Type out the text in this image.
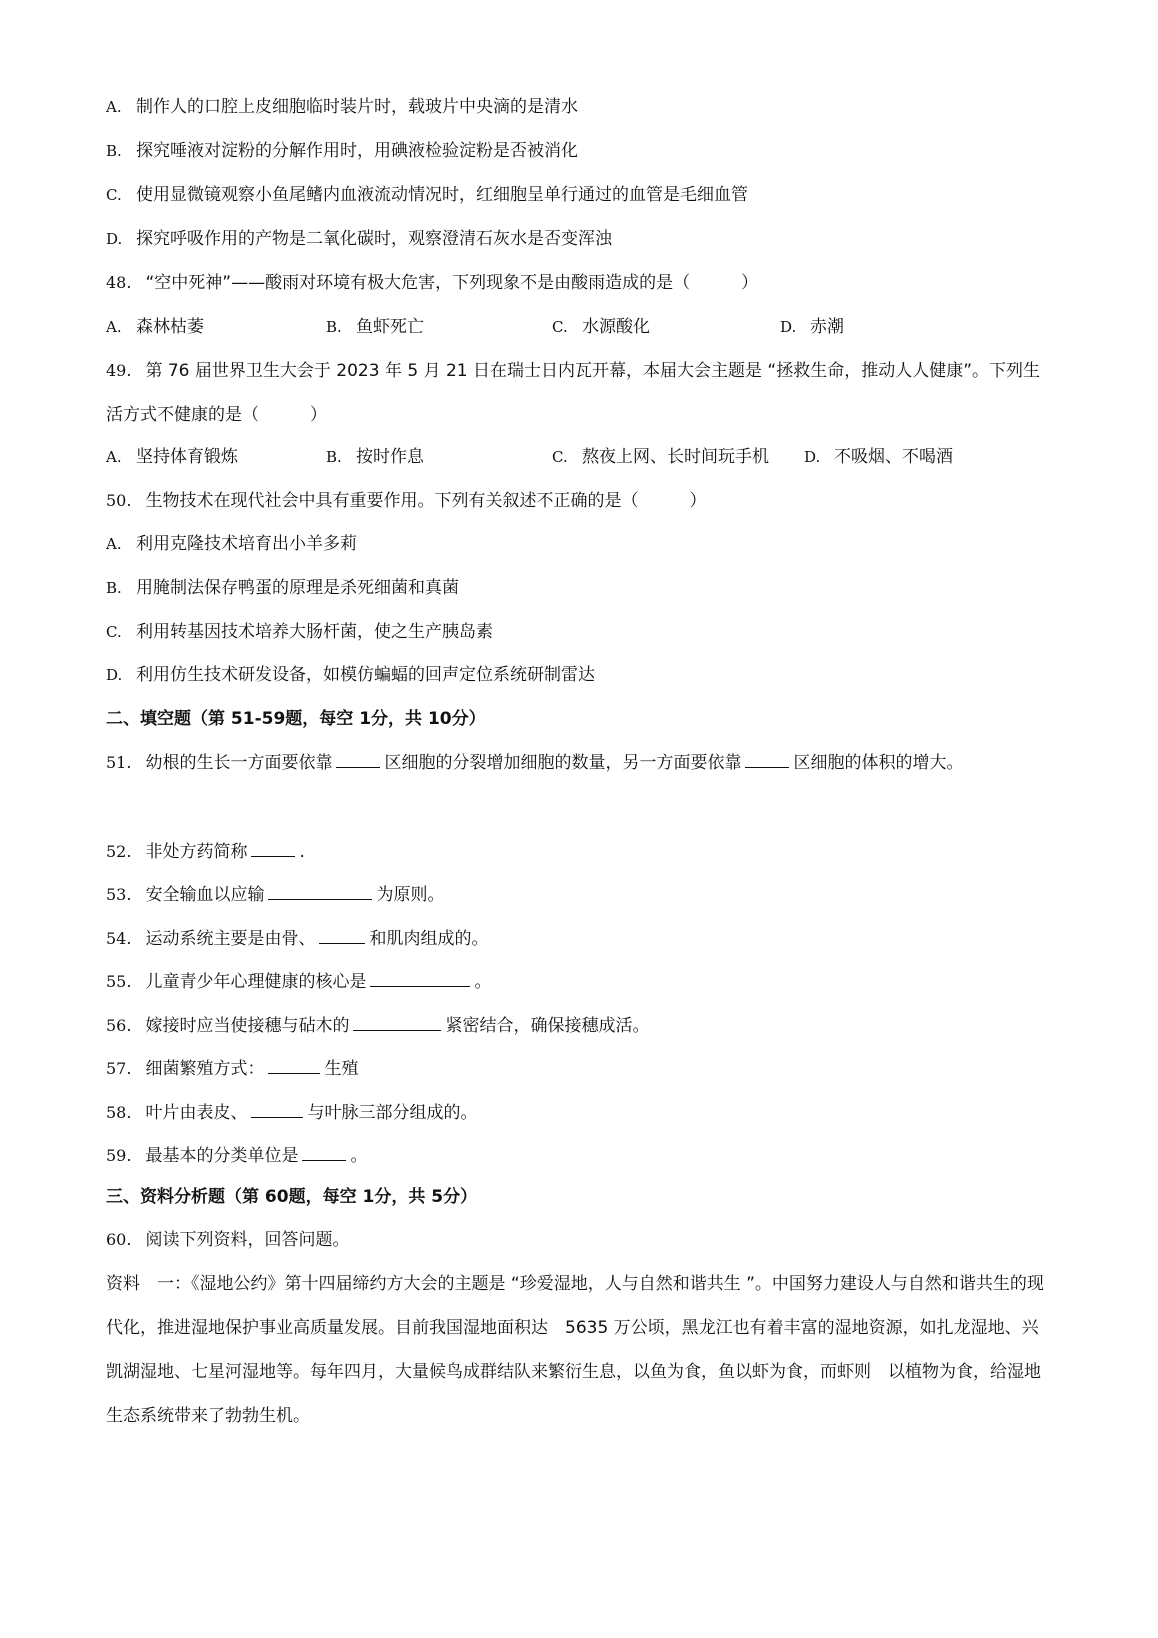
A. 制作人的口腔上皮细胞临时装片时，载玻片中央滴的是清水
B. 探究唾液对淀粉的分解作用时，用碘液检验淀粉是否被消化
C. 使用显微镜观察小鱼尾鳍内血液流动情况时，红细胞呈单行通过的血管是毛细血管
D. 探究呼吸作用的产物是二氧化碳时，观察澄清石灰水是否变浑浊
48. “空中死神”——酸雨对环境有极大危害，下列现象不是由酸雨造成的是（　　　）
A. 森林枯萎	B. 鱼虾死亡	C. 水源酸化	D. 赤潮
49. 第 76 届世界卫生大会于 2023 年 5 月 21 日在瑞士日内瓦开幕，本届大会主题是 “拯救生命，推动人人健康”。下列生活方式不健康的是（　　　）
A. 坚持体育锻炼	B. 按时作息	C. 熬夜上网、长时间玩手机 D. 不吸烟、不喝酒
50. 生物技术在现代社会中具有重要作用。下列有关叙述不正确的是（　　　）
A. 利用克隆技术培育出小羊多莉
B. 用腌制法保存鸭蛋的原理是杀死细菌和真菌
C. 利用转基因技术培养大肠杆菌，使之生产胰岛素
D. 利用仿生技术研发设备，如模仿蝙蝠的回声定位系统研制雷达
二、填空题（第 51-59题，每空 1分，共 10分）
51. 幼根的生长一方面要依靠	区细胞的分裂增加细胞的数量，另一方面要依靠	区细胞的体积的增大。
52. 非处方药简称	.
53. 安全输血以应输	为原则。
54. 运动系统主要是由骨、	和肌肉组成的。
55. 儿童青少年心理健康的核心是	。
56. 嫁接时应当使接穗与砧木的	紧密结合，确保接穗成活。
57. 细菌繁殖方式：	生殖
58. 叶片由表皮、	与叶脉三部分组成的。
59. 最基本的分类单位是	。
三、资料分析题（第 60题，每空 1分，共 5分）
60. 阅读下列资料，回答问题。
资料　一：《湿地公约》第十四届缔约方大会的主题是 “珍爱湿地，人与自然和谐共生 ”。中国努力建设人与自然和谐共生的现代化，推进湿地保护事业高质量发展。目前我国湿地面积达　5635 万公顷，黑龙江也有着丰富的湿地资源，如扎龙湿地、兴凯湖湿地、七星河湿地等。每年四月，大量候鸟成群结队来繁衍生息，以鱼为食，鱼以虾为食，而虾则　以植物为食，给湿地生态系统带来了勃勃生机。
